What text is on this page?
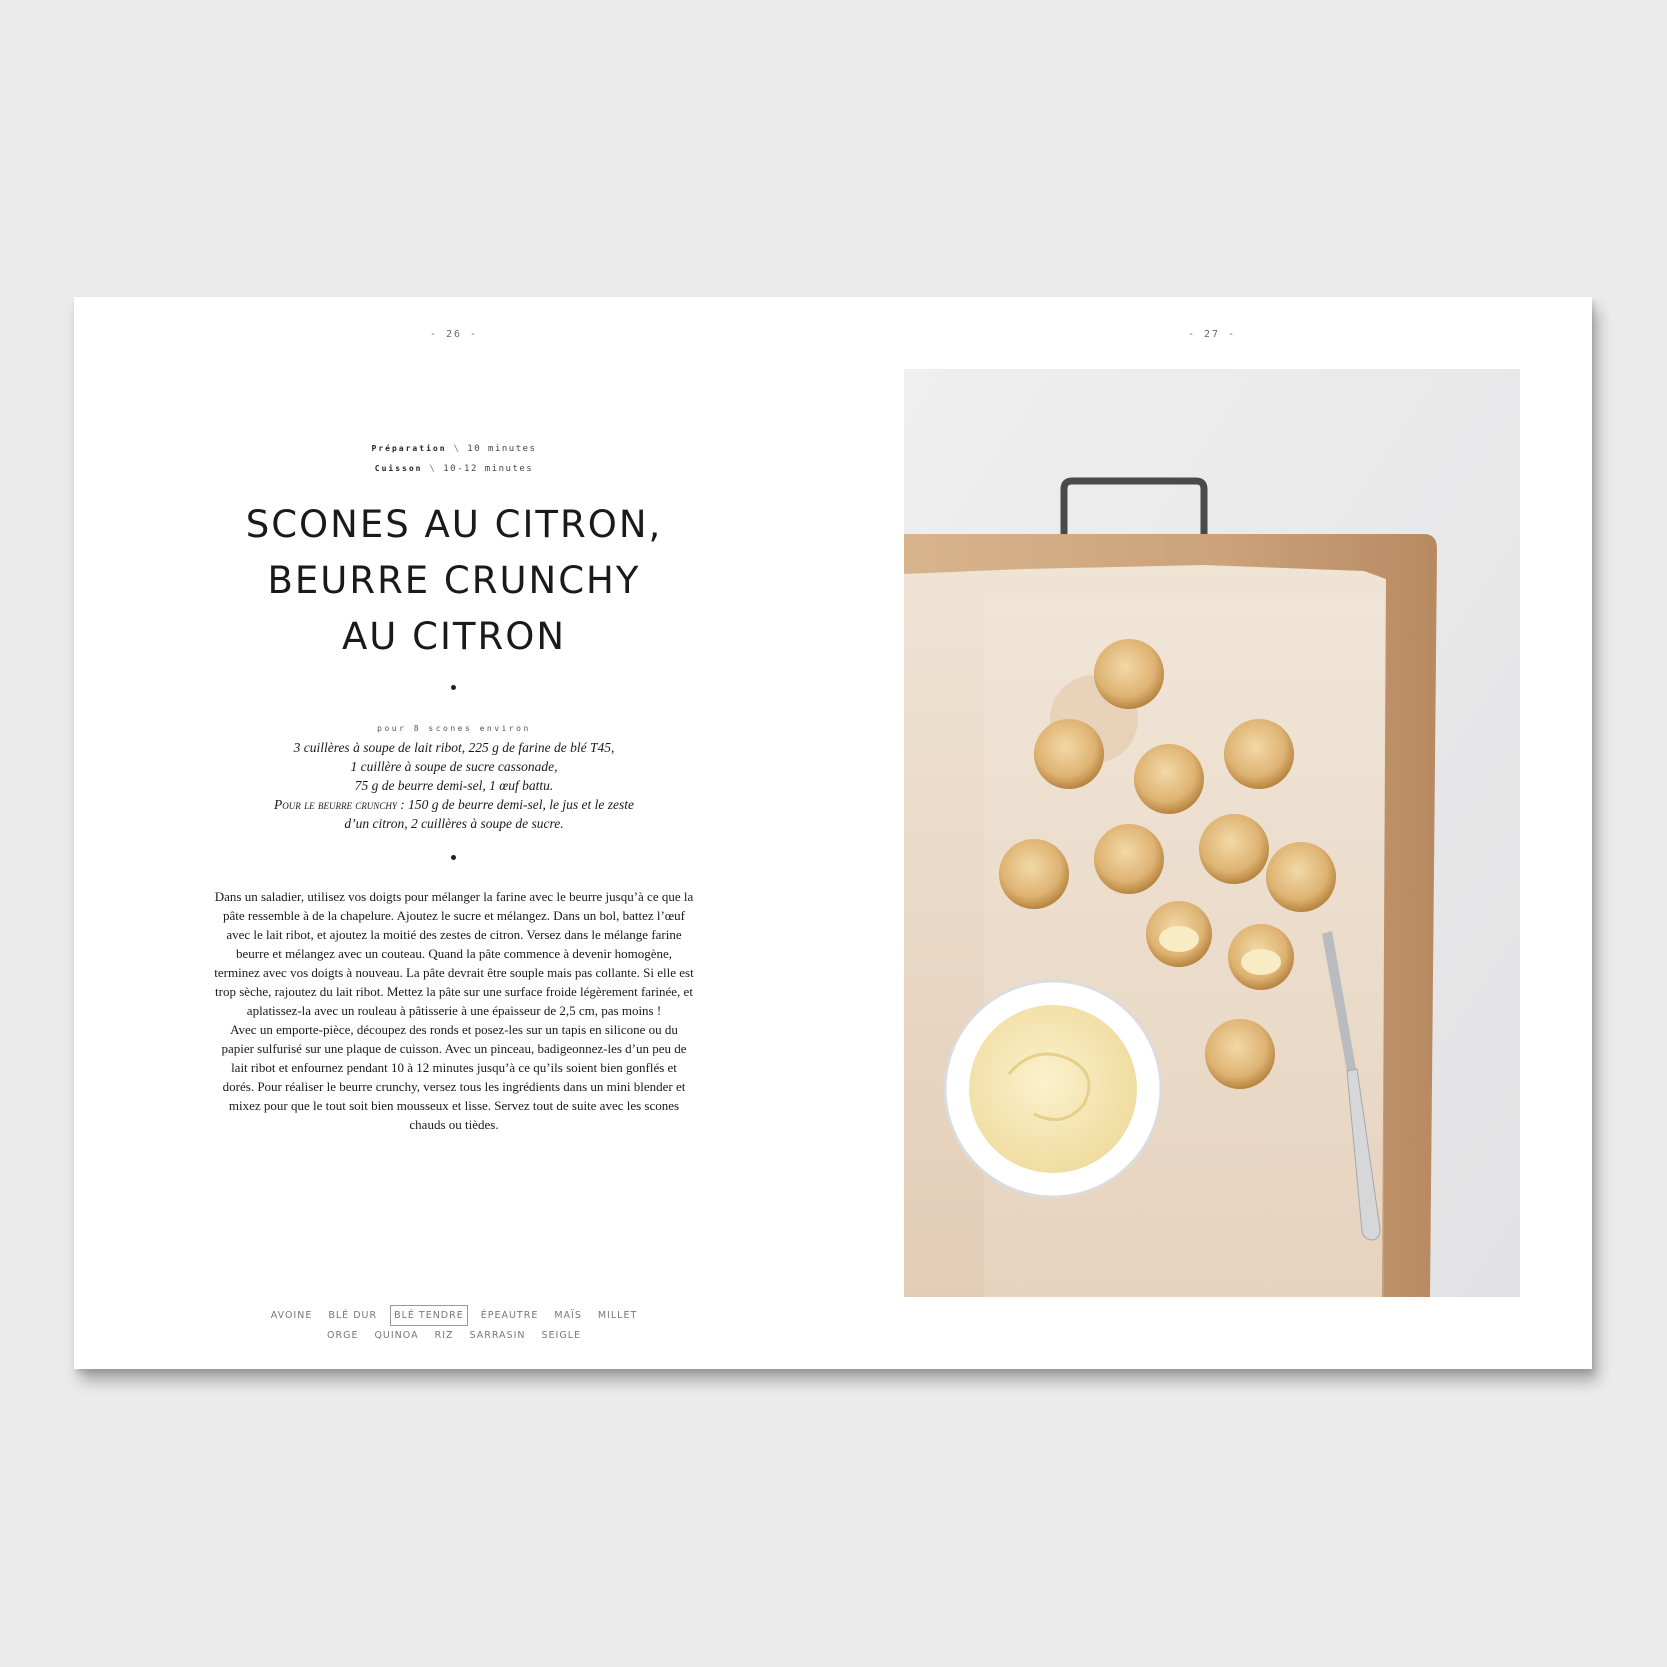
- 26 -	- 27 -
Préparation \ 10 minutes
Cuisson \ 10-12 minutes
SCONES AU CITRON,
BEURRE CRUNCHY
AU CITRON
pour 8 scones environ
3 cuillères à soupe de lait ribot, 225 g de farine de blé T45,
1 cuillère à soupe de sucre cassonade,
75 g de beurre demi-sel, 1 œuf battu.
Pour le beurre crunchy : 150 g de beurre demi-sel, le jus et le zeste
d’un citron, 2 cuillères à soupe de sucre.

Dans un saladier, utilisez vos doigts pour mélanger la farine avec le beurre jusqu’à ce que la pâte ressemble à de la chapelure. Ajoutez le sucre et mélangez. Dans un bol, battez l’œuf avec le lait ribot, et ajoutez la moitié des zestes de citron. Versez dans le mélange farine beurre et mélangez avec un couteau. Quand la pâte commence à devenir homogène, terminez avec vos doigts à nouveau. La pâte devrait être souple mais pas collante. Si elle est trop sèche, rajoutez du lait ribot. Mettez la pâte sur une surface froide légèrement farinée, et aplatissez-la avec un rouleau à pâtisserie à une épaisseur de 2,5 cm, pas moins !

Avec un emporte-pièce, découpez des ronds et posez-les sur un tapis en silicone ou du papier sulfurisé sur une plaque de cuisson. Avec un pinceau, badigeonnez-les d’un peu de lait ribot et enfournez pendant 10 à 12 minutes jusqu’à ce qu’ils soient bien gonflés et dorés. Pour réaliser le beurre crunchy, versez tous les ingrédients dans un mini blender et mixez pour que le tout soit bien mousseux et lisse. Servez tout de suite avec les scones chauds ou tièdes.

AVOINE BLÉ DUR BLÉ TENDRE ÉPEAUTRE MAÏS MILLET
ORGE QUINOA RIZ SARRASIN SEIGLE
